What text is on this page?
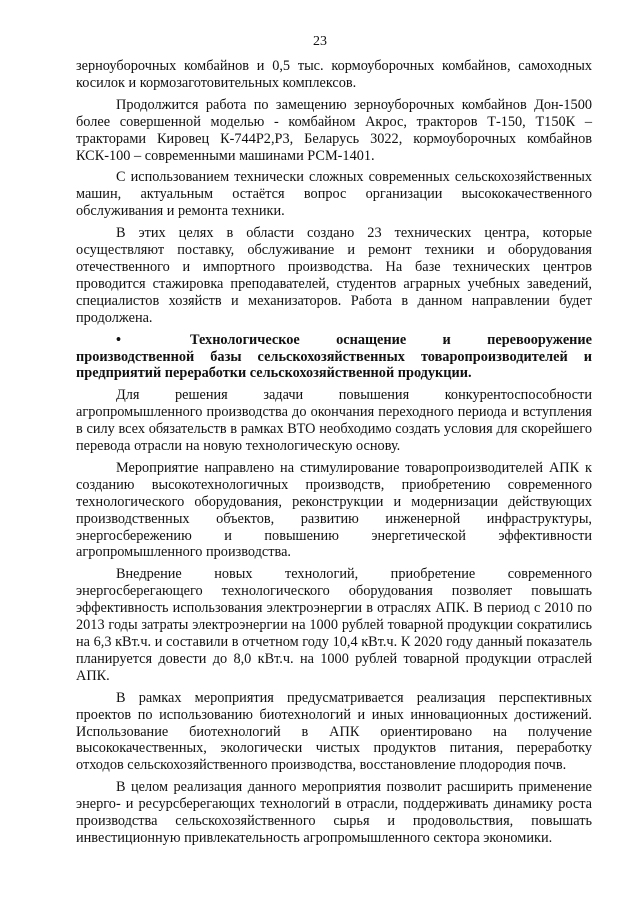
23

зерноуборочных комбайнов и 0,5 тыс. кормоуборочных комбайнов, самоходных косилок и кормозаготовительных комплексов.

Продолжится работа по замещению зерноуборочных комбайнов Дон-1500 более совершенной моделью - комбайном Акрос, тракторов Т-150, Т150К – тракторами Кировец К-744Р2,Р3, Беларусь 3022, кормоуборочных комбайнов КСК-100 – современными машинами РСМ-1401.

С использованием технически сложных современных сельскохозяйственных машин, актуальным остаётся вопрос организации высококачественного обслуживания и ремонта техники.

В этих целях в области создано 23 технических центра, которые осуществляют поставку, обслуживание и ремонт техники и оборудования отечественного и импортного производства. На базе технических центров проводится стажировка преподавателей, студентов аграрных учебных заведений, специалистов хозяйств и механизаторов. Работа в данном направлении будет продолжена.

•	Технологическое оснащение и перевооружение производственной базы сельскохозяйственных товаропроизводителей и предприятий переработки сельскохозяйственной продукции.

Для решения задачи повышения конкурентоспособности агропромышленного производства до окончания переходного периода и вступления в силу всех обязательств в рамках ВТО необходимо создать условия для скорейшего перевода отрасли на новую технологическую основу.

Мероприятие направлено на стимулирование товаропроизводителей АПК к созданию высокотехнологичных производств, приобретению современного технологического оборудования, реконструкции и модернизации действующих производственных объектов, развитию инженерной инфраструктуры, энергосбережению и повышению энергетической эффективности агропромышленного производства.

Внедрение новых технологий, приобретение современного энергосберегающего технологического оборудования позволяет повышать эффективность использования электроэнергии в отраслях АПК. В период с 2010 по 2013 годы затраты электроэнергии на 1000 рублей товарной продукции сократились на 6,3 кВт.ч. и составили в отчетном году 10,4 кВт.ч. К 2020 году данный показатель планируется довести до 8,0 кВт.ч. на 1000 рублей товарной продукции отраслей АПК.

В рамках мероприятия предусматривается реализация перспективных проектов по использованию биотехнологий и иных инновационных достижений. Использование биотехнологий в АПК ориентировано на получение высококачественных, экологически чистых продуктов питания, переработку отходов сельскохозяйственного производства, восстановление плодородия почв.

В целом реализация данного мероприятия позволит расширить применение энерго- и ресурсберегающих технологий в отрасли, поддерживать динамику роста производства сельскохозяйственного сырья и продовольствия, повышать инвестиционную привлекательность агропромышленного сектора экономики.
